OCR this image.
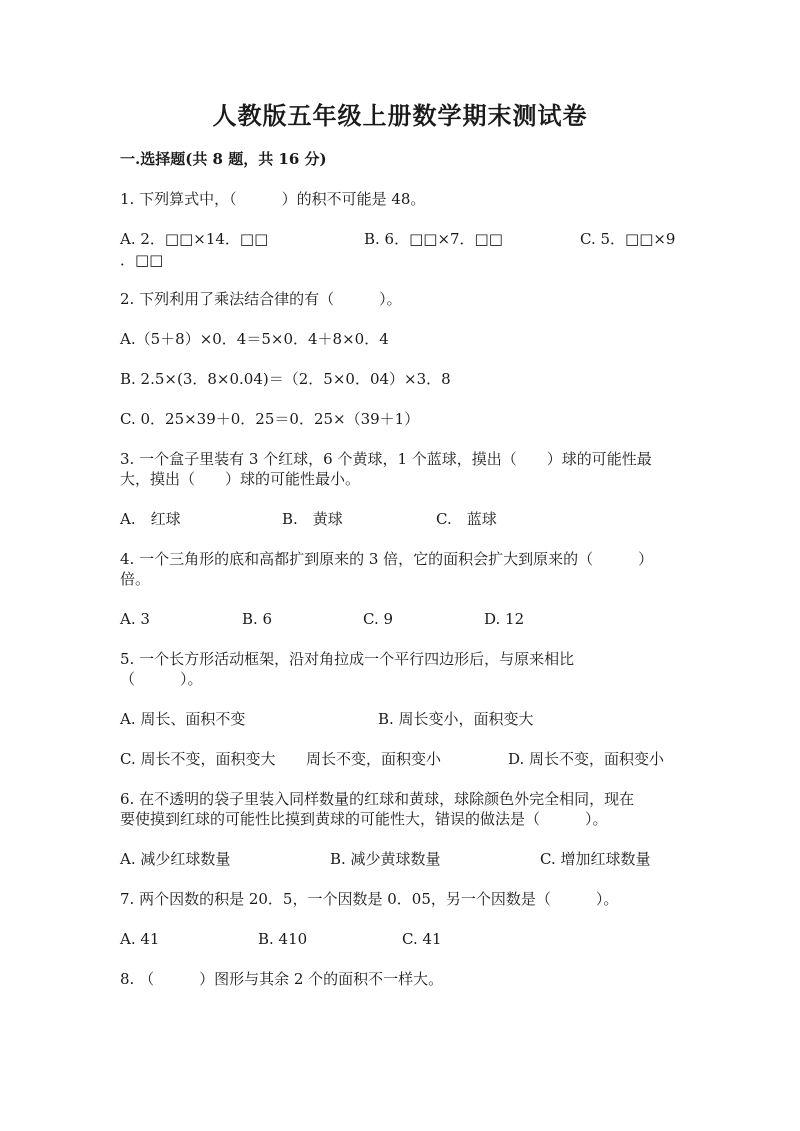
人教版五年级上册数学期末测试卷
一.选择题(共 8 题，共 16 分)
1. 下列算式中，（　　　）的积不可能是 48。
A. 2．□□×14．□□	B. 6．□□×7．□□	C. 5．□□×9
．□□
2. 下列利用了乘法结合律的有（　　　）。
A.（5＋8）×0．4＝5×0．4＋8×0．4
B. 2.5×(3．8×0.04)＝（2．5×0．04）×3．8
C. 0．25×39＋0．25＝0．25×（39＋1）
3. 一个盒子里装有 3 个红球，6 个黄球，1 个蓝球，摸出（　　）球的可能性最
大，摸出（　　）球的可能性最小。
A.　红球	B.　黄球	C.　蓝球
4. 一个三角形的底和高都扩到原来的 3 倍，它的面积会扩大到原来的（　　　）
倍。
A. 3	B. 6	C. 9	D. 12
5. 一个长方形活动框架，沿对角拉成一个平行四边形后，与原来相比
（　　　）。
A. 周长、面积不变	B. 周长变小，面积变大
C. 周长不变，面积变大 周长不变，面积变小	D. 周长不变，面积变小
6. 在不透明的袋子里装入同样数量的红球和黄球，球除颜色外完全相同，现在
要使摸到红球的可能性比摸到黄球的可能性大，错误的做法是（　　　）。
A. 减少红球数量	B. 减少黄球数量	C. 增加红球数量
7. 两个因数的积是 20．5，一个因数是 0．05，另一个因数是（　　　）。
A. 41	B. 410	C. 41
8. （　　　）图形与其余 2 个的面积不一样大。
